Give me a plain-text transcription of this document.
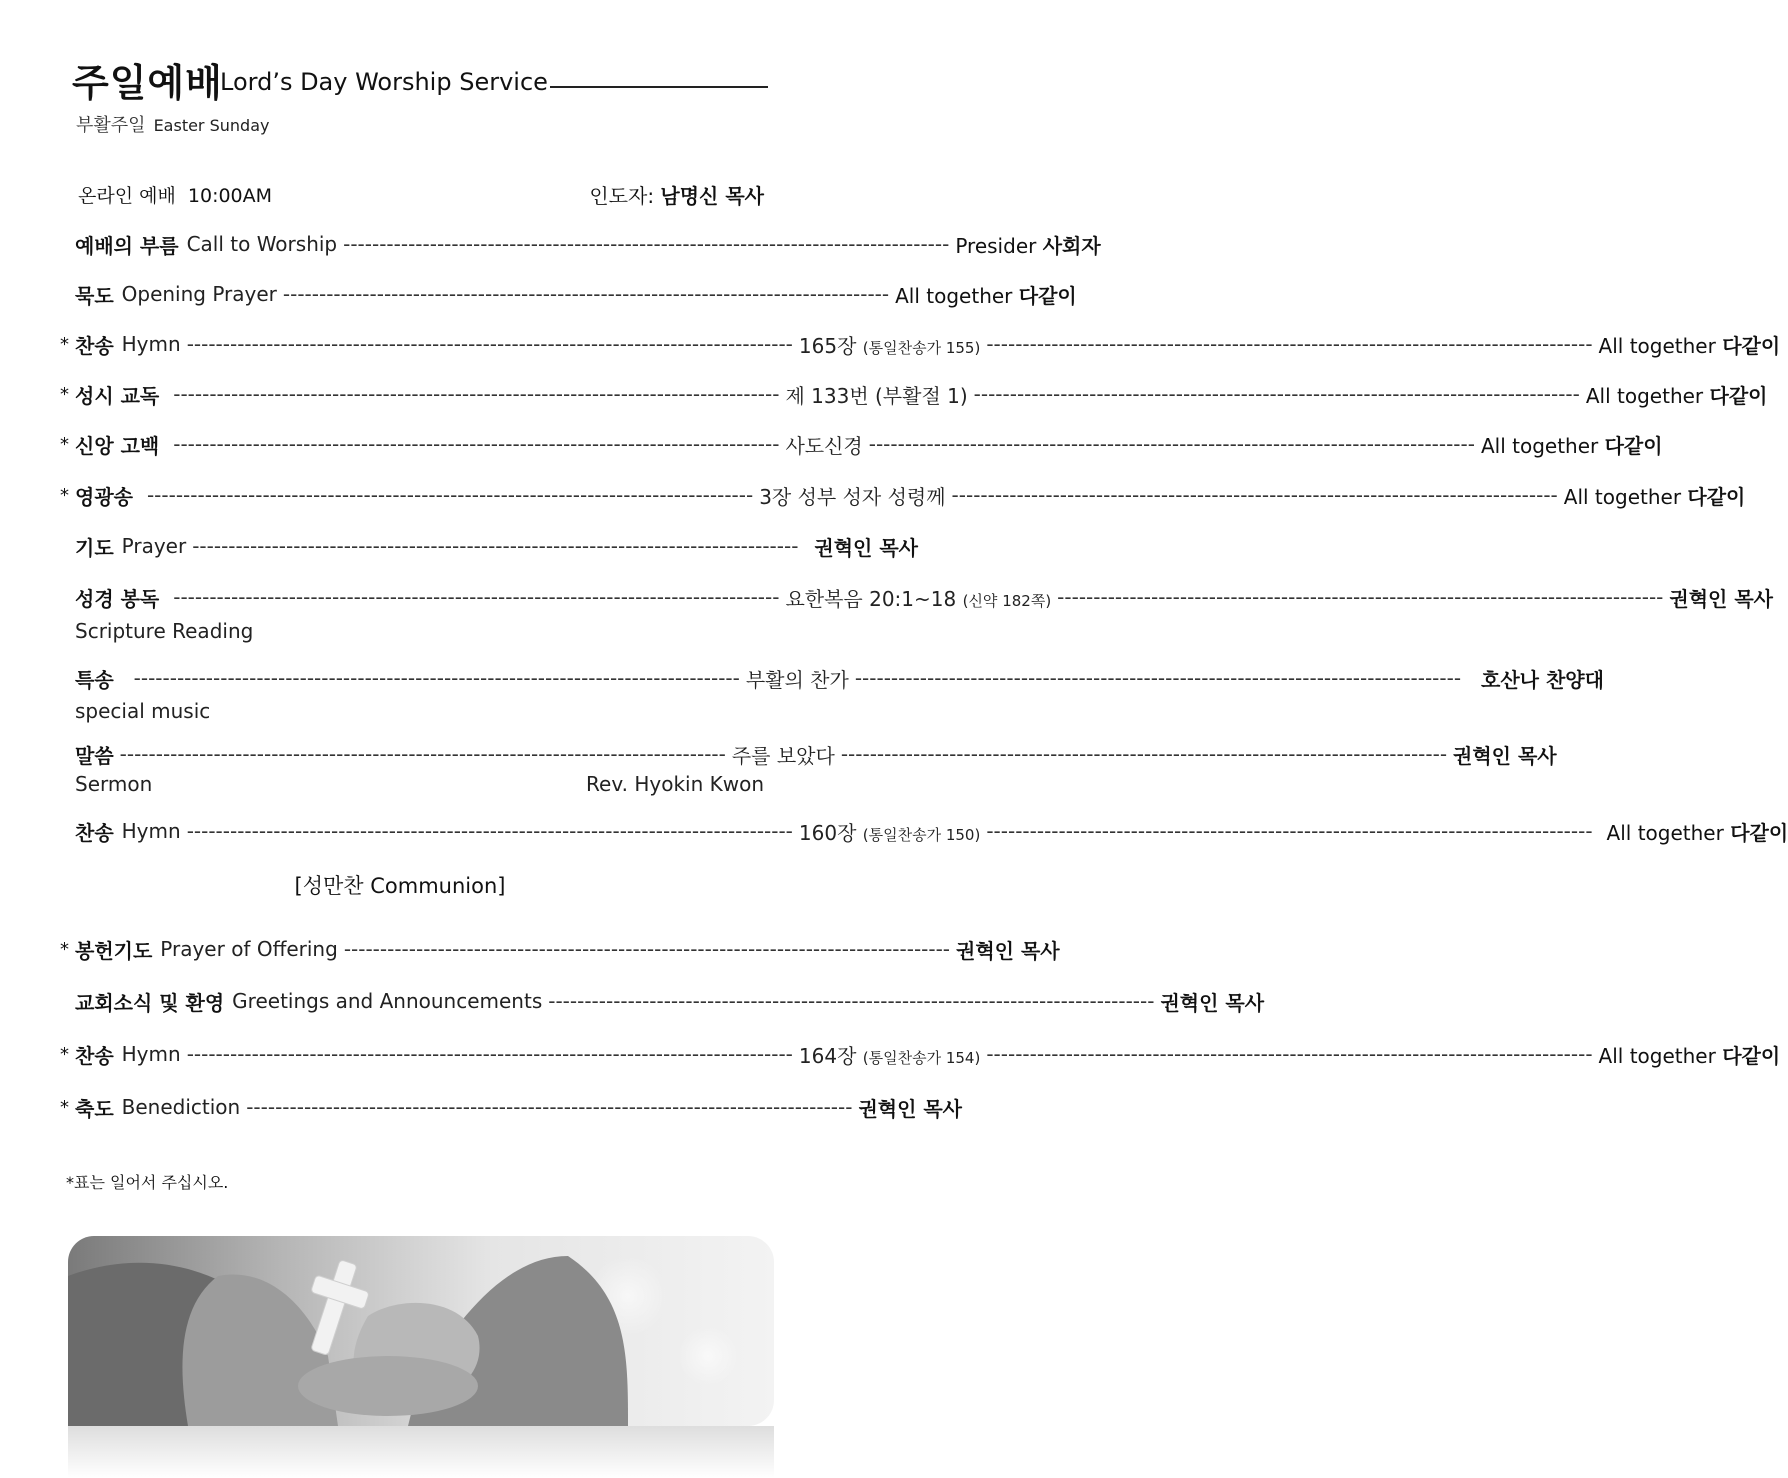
주일예배
Lord’s Day Worship Service
부활주일 Easter Sunday
온라인 예배  10:00AM	인도자: 남명신 목사
예배의 부름 Call to Worship ------------------------------------------------------------------------------------ Presider 사회자
묵도 Opening Prayer ------------------------------------------------------------------------------------ All together 다같이
* 찬송 Hymn ------------------------------------------------------------------------------------ 165장 (통일찬송가 155) ------------------------------------------------------------------------------------ All together 다같이
* 성시 교독 ------------------------------------------------------------------------------------ 제 133번 (부활절 1) ------------------------------------------------------------------------------------ All together 다같이
* 신앙 고백 ------------------------------------------------------------------------------------ 사도신경 ------------------------------------------------------------------------------------ All together 다같이
* 영광송 ------------------------------------------------------------------------------------ 3장 성부 성자 성령께 ------------------------------------------------------------------------------------ All together 다같이
기도 Prayer ------------------------------------------------------------------------------------ 권혁인 목사
성경 봉독 ------------------------------------------------------------------------------------ 요한복음 20:1~18 (신약 182쪽) ------------------------------------------------------------------------------------ 권혁인 목사
Scripture Reading
특송 ------------------------------------------------------------------------------------ 부활의 찬가 ------------------------------------------------------------------------------------ 호산나 찬양대
special music
말씀 ------------------------------------------------------------------------------------ 주를 보았다 ------------------------------------------------------------------------------------ 권혁인 목사
Sermon	Rev. Hyokin Kwon
찬송 Hymn ------------------------------------------------------------------------------------ 160장 (통일찬송가 150) ------------------------------------------------------------------------------------ All together 다같이
[성만찬 Communion]
* 봉헌기도 Prayer of Offering ------------------------------------------------------------------------------------ 권혁인 목사
교회소식 및 환영 Greetings and Announcements ------------------------------------------------------------------------------------ 권혁인 목사
* 찬송 Hymn ------------------------------------------------------------------------------------ 164장 (통일찬송가 154) ------------------------------------------------------------------------------------ All together 다같이
* 축도 Benediction ------------------------------------------------------------------------------------ 권혁인 목사
*표는 일어서 주십시오.
